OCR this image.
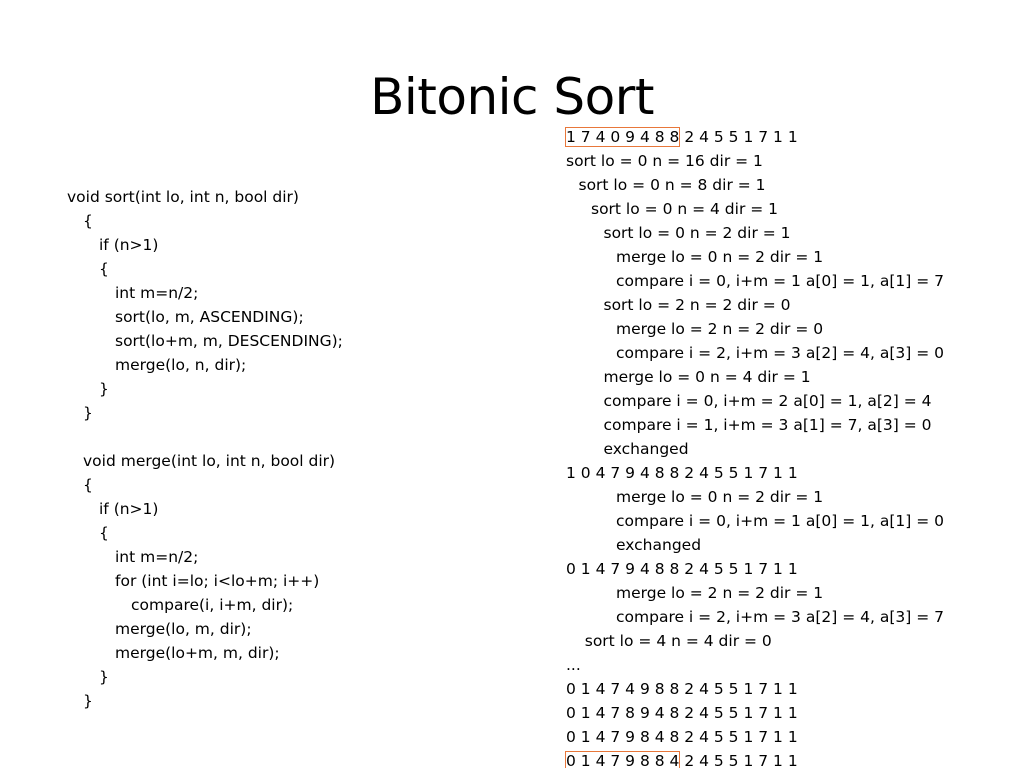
Bitonic Sort
void sort(int lo, int n, bool dir)
{
if (n>1)
{
int m=n/2;
sort(lo, m, ASCENDING);
sort(lo+m, m, DESCENDING);
merge(lo, n, dir);
}
}
void merge(int lo, int n, bool dir)
{
if (n>1)
{
int m=n/2;
for (int i=lo; i<lo+m; i++)
compare(i, i+m, dir);
merge(lo, m, dir);
merge(lo+m, m, dir);
}
}
1 7 4 0 9 4 8 8 2 4 5 5 1 7 1 1
sort lo = 0 n = 16 dir = 1
sort lo = 0 n = 8 dir = 1
sort lo = 0 n = 4 dir = 1
sort lo = 0 n = 2 dir = 1
merge lo = 0 n = 2 dir = 1
compare i = 0, i+m = 1 a[0] = 1, a[1] = 7
sort lo = 2 n = 2 dir = 0
merge lo = 2 n = 2 dir = 0
compare i = 2, i+m = 3 a[2] = 4, a[3] = 0
merge lo = 0 n = 4 dir = 1
compare i = 0, i+m = 2 a[0] = 1, a[2] = 4
compare i = 1, i+m = 3 a[1] = 7, a[3] = 0
exchanged
1 0 4 7 9 4 8 8 2 4 5 5 1 7 1 1
merge lo = 0 n = 2 dir = 1
compare i = 0, i+m = 1 a[0] = 1, a[1] = 0
exchanged
0 1 4 7 9 4 8 8 2 4 5 5 1 7 1 1
merge lo = 2 n = 2 dir = 1
compare i = 2, i+m = 3 a[2] = 4, a[3] = 7
sort lo = 4 n = 4 dir = 0
...
0 1 4 7 4 9 8 8 2 4 5 5 1 7 1 1
0 1 4 7 8 9 4 8 2 4 5 5 1 7 1 1
0 1 4 7 9 8 4 8 2 4 5 5 1 7 1 1
0 1 4 7 9 8 8 4 2 4 5 5 1 7 1 1
